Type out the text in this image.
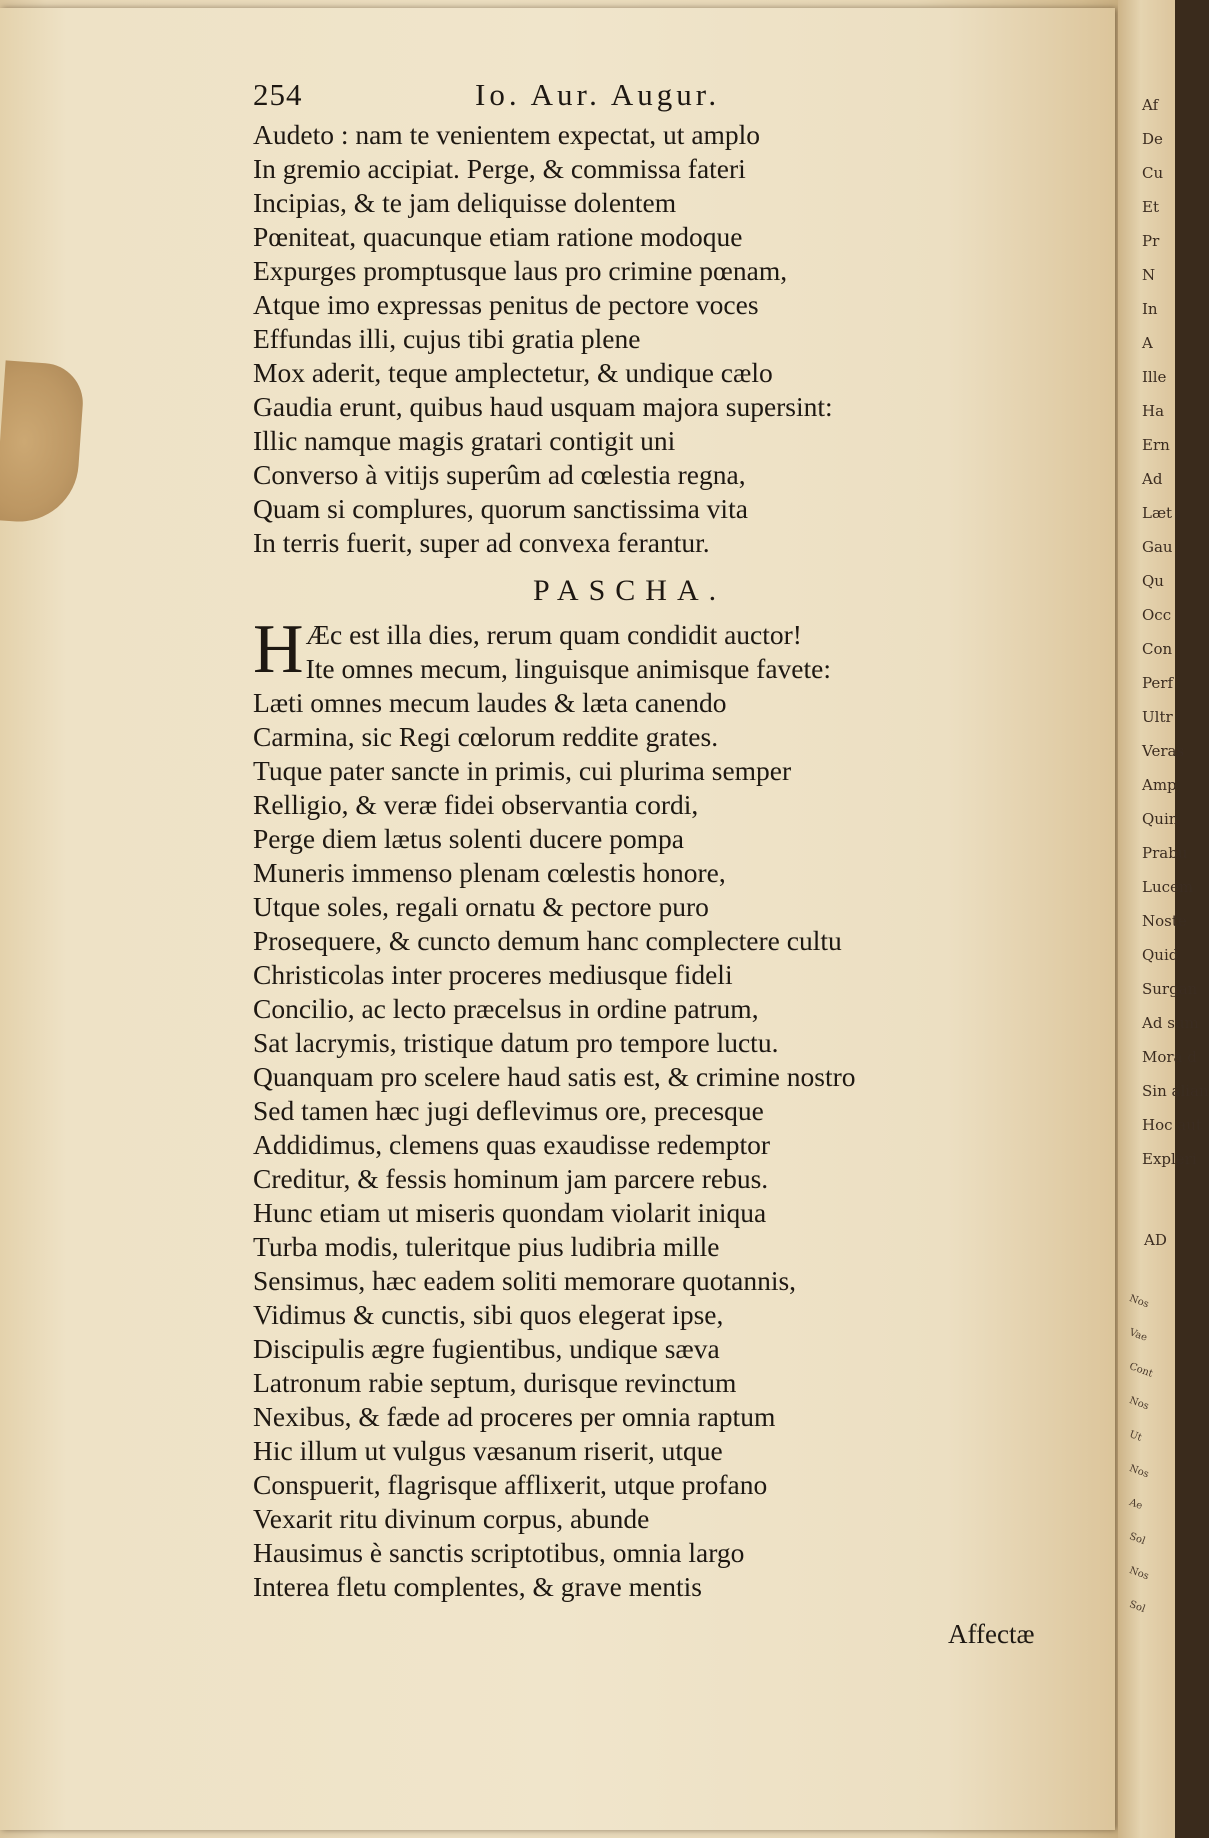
254	Io. Aur. Augur.
Audeto : nam te venientem expectat, ut amplo
In gremio accipiat. Perge, & commissa fateri
Incipias, & te jam deliquisse dolentem
Pœniteat, quacunque etiam ratione modoque
Expurges promptusque laus pro crimine pœnam,
Atque imo expressas penitus de pectore voces
Effundas illi, cujus tibi gratia plene
Mox aderit, teque amplectetur, & undique cælo
Gaudia erunt, quibus haud usquam majora supersint:
Illic namque magis gratari contigit uni
Converso à vitijs superûm ad cœlestia regna,
Quam si complures, quorum sanctissima vita
In terris fuerit, super ad convexa ferantur.
PASCHA.
H Æc est illa dies, rerum quam condidit auctor!
Ite omnes mecum, linguisque animisque favete:
Læti omnes mecum laudes & læta canendo
Carmina, sic Regi cœlorum reddite grates.
Tuque pater sancte in primis, cui plurima semper
Relligio, & veræ fidei observantia cordi,
Perge diem lætus solenti ducere pompa
Muneris immenso plenam cœlestis honore,
Utque soles, regali ornatu & pectore puro
Prosequere, & cuncto demum hanc complectere cultu
Christicolas inter proceres mediusque fideli
Concilio, ac lecto præcelsus in ordine patrum,
Sat lacrymis, tristique datum pro tempore luctu.
Quanquam pro scelere haud satis est, & crimine nostro
Sed tamen hæc jugi deflevimus ore, precesque
Addidimus, clemens quas exaudisse redemptor
Creditur, & fessis hominum jam parcere rebus.
Hunc etiam ut miseris quondam violarit iniqua
Turba modis, tuleritque pius ludibria mille
Sensimus, hæc eadem soliti memorare quotannis,
Vidimus & cunctis, sibi quos elegerat ipse,
Discipulis ægre fugientibus, undique sæva
Latronum rabie septum, durisque revinctum
Nexibus, & fæde ad proceres per omnia raptum
Hic illum ut vulgus væsanum riserit, utque
Conspuerit, flagrisque afflixerit, utque profano
Vexarit ritu divinum corpus, abunde
Hausimus è sanctis scriptotibus, omnia largo
Interea fletu complentes, & grave mentis
Affectæ
Af
De
Cu
Et
Pr
N
In
A
Ille
Ha
Ern
Ad
Læt
Gau
Qu
Occ
Con
Perf
Ultr
Veras
Amp
Quin
Prabu
Lucem
Noste
Quid
Surgan
Ad sum
Mora d
Sin alian
Hoc aut
Expleri
AD
Nos
Vae
Cont
Nos
Ut
Nos
Ae
Sol
Nos
Sol
